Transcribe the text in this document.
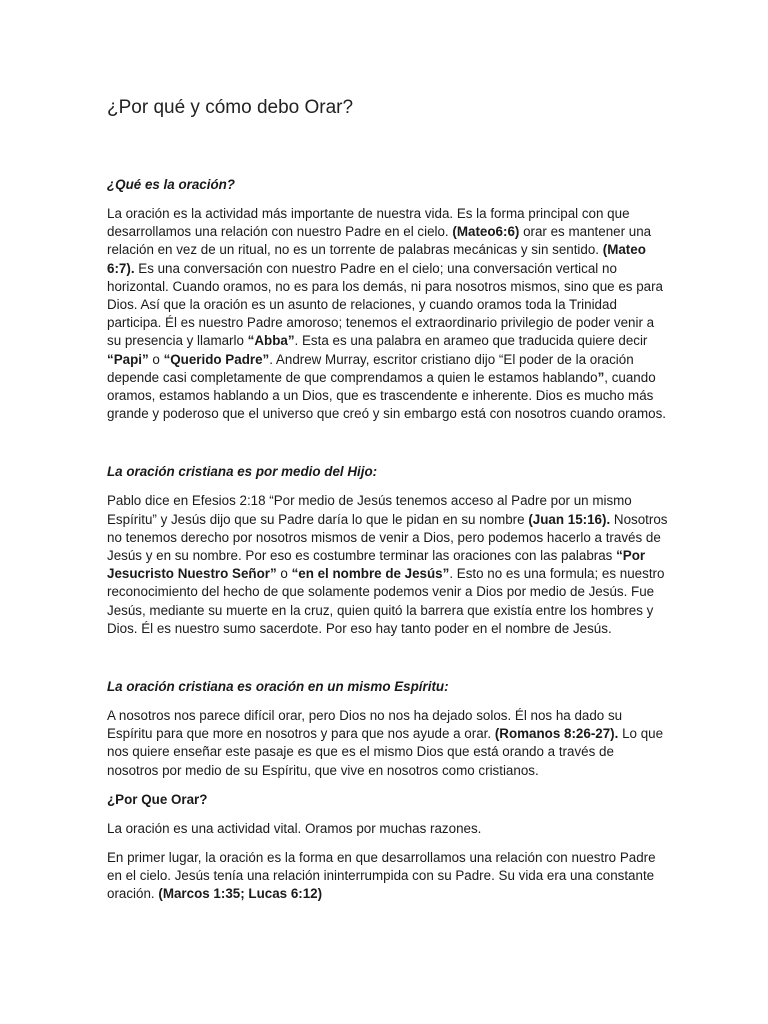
¿Por qué y cómo debo Orar?
¿Qué es la oración?

La oración es la actividad más importante de nuestra vida. Es la forma principal con que desarrollamos una relación con nuestro Padre en el cielo. (Mateo6:6) orar es mantener una relación en vez de un ritual, no es un torrente de palabras mecánicas y sin sentido. (Mateo 6:7). Es una conversación con nuestro Padre en el cielo; una conversación vertical no horizontal. Cuando oramos, no es para los demás, ni para nosotros mismos, sino que es para Dios. Así que la oración es un asunto de relaciones, y cuando oramos toda la Trinidad participa. Él es nuestro Padre amoroso; tenemos el extraordinario privilegio de poder venir a su presencia y llamarlo “Abba”. Esta es una palabra en arameo que traducida quiere decir “Papi” o “Querido Padre”. Andrew Murray, escritor cristiano dijo “El poder de la oración depende casi completamente de que comprendamos a quien le estamos hablando”, cuando oramos, estamos hablando a un Dios, que es trascendente e inherente. Dios es mucho más grande y poderoso que el universo que creó y sin embargo está con nosotros cuando oramos.

La oración cristiana es por medio del Hijo:

Pablo dice en Efesios 2:18 “Por medio de Jesús tenemos acceso al Padre por un mismo Espíritu” y Jesús dijo que su Padre daría lo que le pidan en su nombre (Juan 15:16). Nosotros no tenemos derecho por nosotros mismos de venir a Dios, pero podemos hacerlo a través de Jesús y en su nombre. Por eso es costumbre terminar las oraciones con las palabras “Por Jesucristo Nuestro Señor” o “en el nombre de Jesús”. Esto no es una formula; es nuestro reconocimiento del hecho de que solamente podemos venir a Dios por medio de Jesús. Fue Jesús, mediante su muerte en la cruz, quien quitó la barrera que existía entre los hombres y Dios. Él es nuestro sumo sacerdote. Por eso hay tanto poder en el nombre de Jesús.

La oración cristiana es oración en un mismo Espíritu:

A nosotros nos parece difícil orar, pero Dios no nos ha dejado solos. Él nos ha dado su Espíritu para que more en nosotros y para que nos ayude a orar. (Romanos 8:26-27). Lo que nos quiere enseñar este pasaje es que es el mismo Dios que está orando a través de nosotros por medio de su Espíritu, que vive en nosotros como cristianos.

¿Por Que Orar?

La oración es una actividad vital. Oramos por muchas razones.

En primer lugar, la oración es la forma en que desarrollamos una relación con nuestro Padre en el cielo. Jesús tenía una relación ininterrumpida con su Padre. Su vida era una constante oración. (Marcos 1:35; Lucas 6:12)
